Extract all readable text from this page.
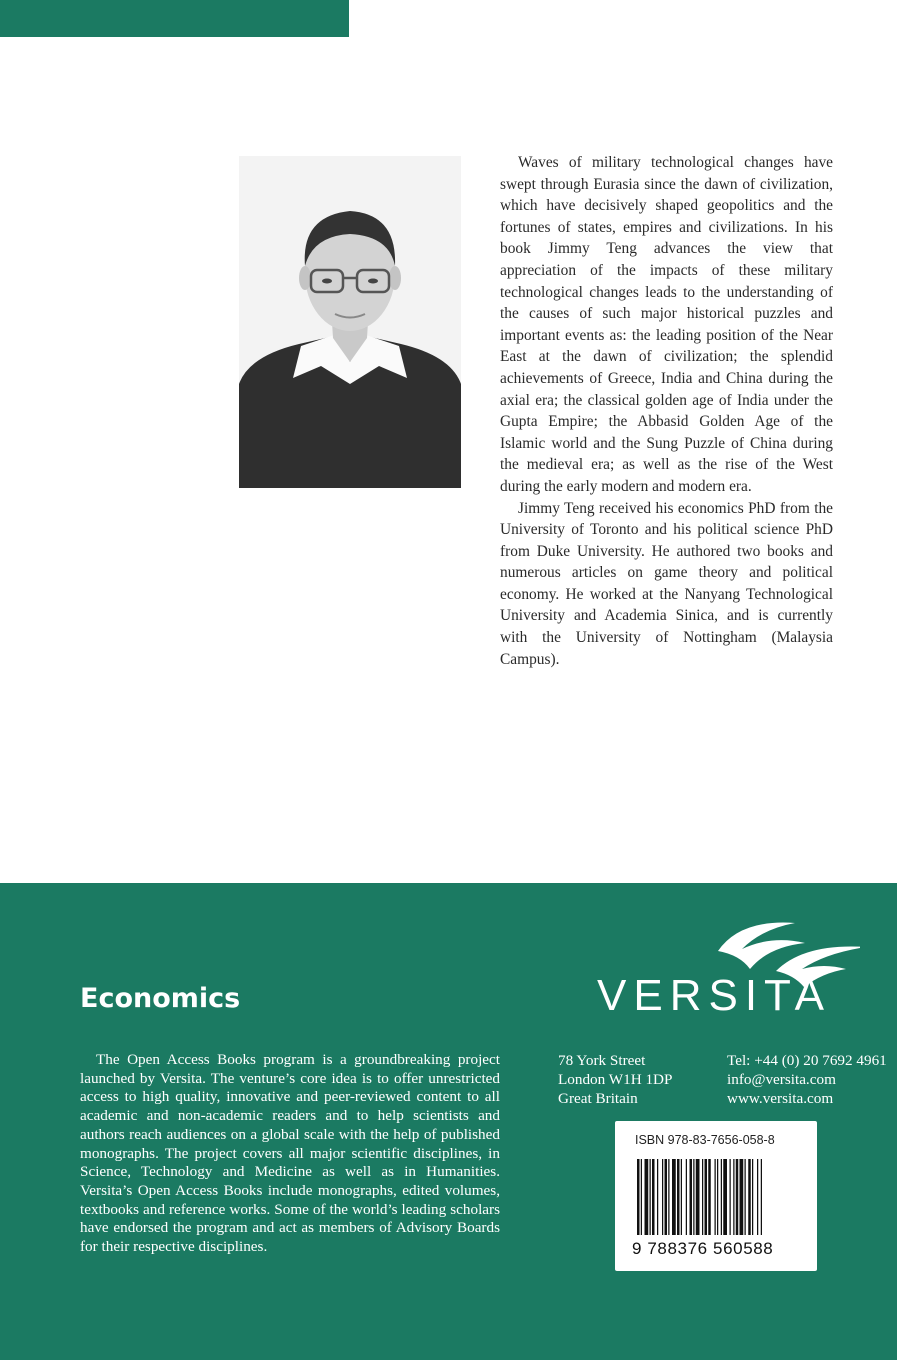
Waves of military technological changes have swept through Eurasia since the dawn of civilization, which have decisively shaped geopolitics and the fortunes of states, empires and civilizations. In his book Jimmy Teng advances the view that appreciation of the impacts of these military technological changes leads to the understanding of the causes of such major historical puzzles and important events as: the leading position of the Near East at the dawn of civilization; the splendid achievements of Greece, India and China during the axial era; the classical golden age of India under the Gupta Empire; the Abbasid Golden Age of the Islamic world and the Sung Puzzle of China during the medieval era; as well as the rise of the West during the early modern and modern era.

Jimmy Teng received his economics PhD from the University of Toronto and his political science PhD from Duke University. He authored two books and numerous articles on game theory and political economy. He worked at the Nanyang Technological University and Academia Sinica, and is currently with the University of Nottingham (Malaysia Campus).

VERSITA
Economics

The Open Access Books program is a groundbreaking project launched by Versita. The venture’s core idea is to offer unrestricted access to high quality, innovative and peer-reviewed content to all academic and non-academic readers and to help scientists and authors reach audiences on a global scale with the help of published monographs. The project covers all major scientific disciplines, in Science, Technology and Medicine as well as in Humanities. Versita’s Open Access Books include monographs, edited volumes, textbooks and reference works. Some of the world’s leading scholars have endorsed the program and act as members of Advisory Boards for their respective disciplines.

78 York Street
London W1H 1DP
Great Britain
Tel: +44 (0) 20 7692 4961
info@versita.com
www.versita.com
ISBN 978-83-7656-058-8
9 788376 560588
